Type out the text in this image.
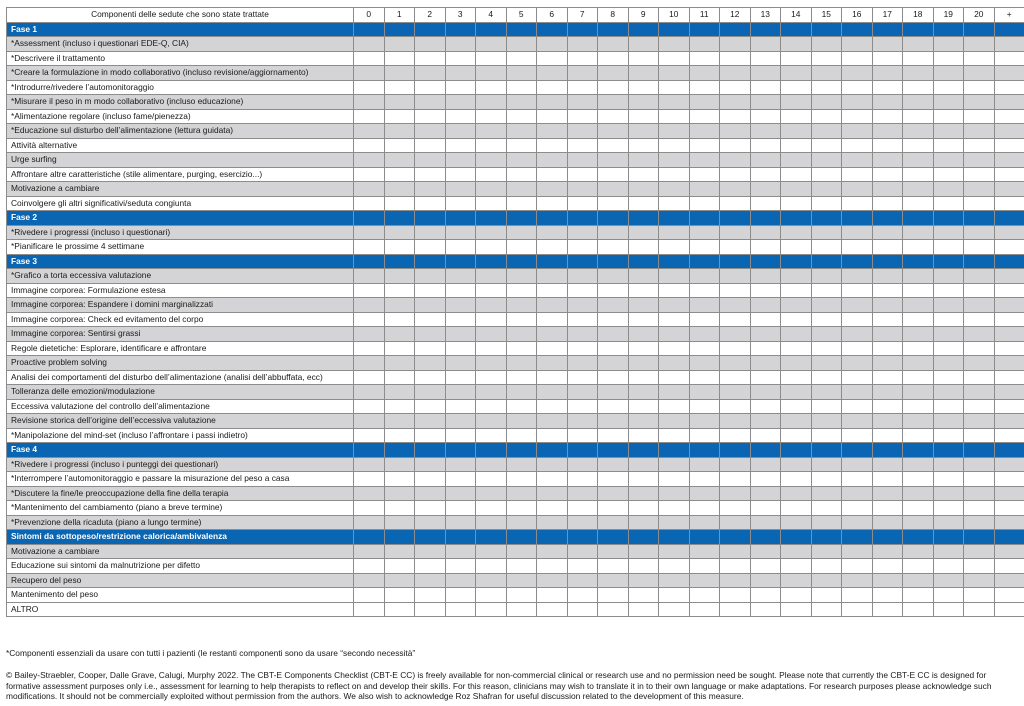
Componenti delle sedute che sono state trattate	0	1	2	3	4	5	6	7	8	9	10	11	12	13	14	15	16	17	18	19	20	+
Fase 1																						
*Assessment (incluso i questionari EDE-Q, CIA)																						
*Descrivere il trattamento																						
*Creare la formulazione in modo collaborativo (incluso revisione/aggiornamento)																						
*Introdurre/rivedere l’automonitoraggio																						
*Misurare il peso in m modo collaborativo (incluso educazione)																						
*Alimentazione regolare (incluso fame/pienezza)																						
*Educazione sul disturbo dell’alimentazione (lettura guidata)																						
Attività alternative																						
Urge surfing																						
Affrontare altre caratteristiche (stile alimentare, purging, esercizio...)																						
Motivazione a cambiare																						
Coinvolgere gli altri significativi/seduta congiunta																						
Fase 2																						
*Rivedere i progressi (incluso i questionari)																						
*Pianificare le prossime 4 settimane																						
Fase 3																						
*Grafico a torta eccessiva valutazione																						
Immagine corporea: Formulazione estesa																						
Immagine corporea: Espandere i domini marginalizzati																						
Immagine corporea: Check ed evitamento del corpo																						
Immagine corporea: Sentirsi grassi																						
Regole dietetiche: Esplorare, identificare e affrontare																						
Proactive problem solving																						
Analisi dei comportamenti del disturbo dell’alimentazione (analisi dell’abbuffata, ecc)																						
Tolleranza delle emozioni/modulazione																						
Eccessiva valutazione del controllo dell’alimentazione																						
Revisione storica dell’origine dell’eccessiva valutazione																						
*Manipolazione del mind-set (incluso l’affrontare i passi indietro)																						
Fase 4																						
*Rivedere i progressi (incluso i punteggi dei questionari)																						
*Interrompere l’automonitoraggio e passare la misurazione del peso a casa																						
*Discutere la fine/le preoccupazione della fine della terapia																						
*Mantenimento del cambiamento (piano a breve termine)																						
*Prevenzione della ricaduta (piano a lungo termine)																						
Sintomi da sottopeso/restrizione calorica/ambivalenza																						
Motivazione a cambiare																						
Educazione sui sintomi da malnutrizione per difetto																						
Recupero del peso																						
Mantenimento del peso																						
ALTRO																						
*Componenti essenziali da usare con tutti i pazienti (le restanti componenti sono da usare “secondo necessità”
© Bailey-Straebler, Cooper, Dalle Grave, Calugi, Murphy 2022. The CBT-E Components Checklist (CBT-E CC) is freely available for non-commercial clinical or research use and no permission need be sought. Please note that currently the CBT-E CC is designed for formative assessment purposes only i.e., assessment for learning to help therapists to reflect on and develop their skills. For this reason, clinicians may wish to translate it in to their own language or make adaptations. For research purposes please acknowledge such modifications. It should not be commercially exploited without permission from the authors. We also wish to acknowledge Roz Shafran for useful discussion related to the development of this measure.
